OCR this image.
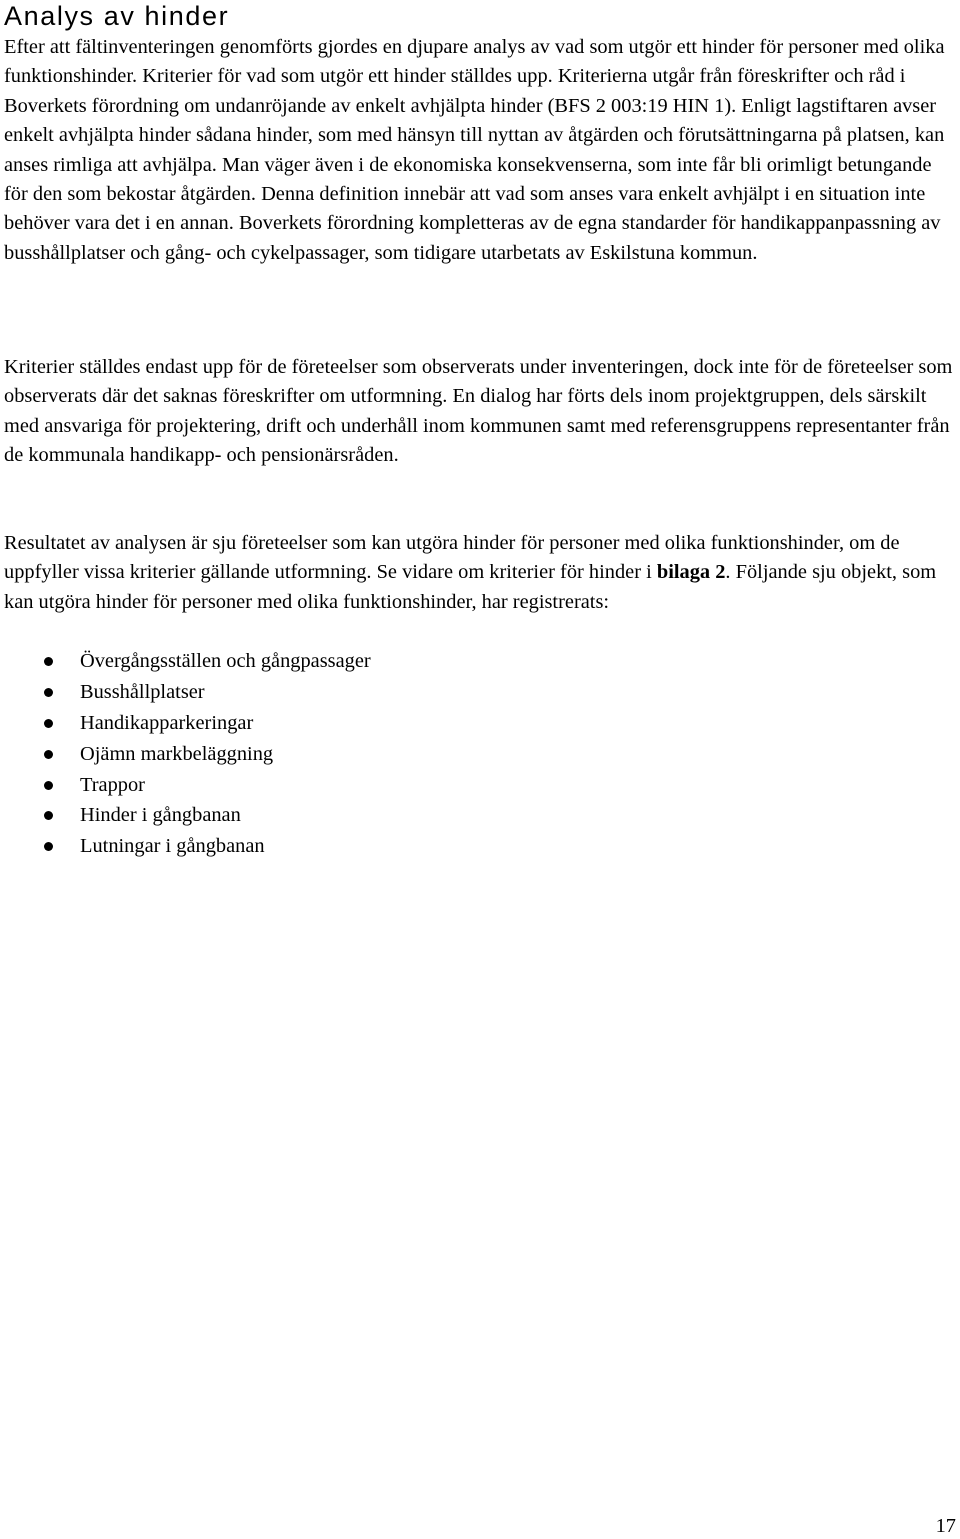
Analys av hinder

Efter att fältinventeringen genomförts gjordes en djupare analys av vad som utgör ett hinder för personer med olika funktionshinder. Kriterier för vad som utgör ett hinder ställdes upp. Kriterierna utgår från föreskrifter och råd i Boverkets förordning om undanröjande av enkelt avhjälpta hinder (BFS 2 003:19 HIN 1). Enligt lagstiftaren avser enkelt avhjälpta hinder sådana hinder, som med hänsyn till nyttan av åtgärden och förutsättningarna på platsen, kan anses rimliga att avhjälpa. Man väger även i de ekonomiska konsekvenserna, som inte får bli orimligt betungande för den som bekostar åtgärden. Denna definition innebär att vad som anses vara enkelt avhjälpt i en situation inte behöver vara det i en annan. Boverkets förordning kompletteras av de egna standarder för handikappanpassning av busshållplatser och gång- och cykelpassager, som tidigare utarbetats av Eskilstuna kommun.

Kriterier ställdes endast upp för de företeelser som observerats under inventeringen, dock inte för de företeelser som observerats där det saknas föreskrifter om utformning. En dialog har förts dels inom projektgruppen, dels särskilt med ansvariga för projektering, drift och underhåll inom kommunen samt med referensgruppens representanter från de kommunala handikapp- och pensionärsråden.

Resultatet av analysen är sju företeelser som kan utgöra hinder för personer med olika funktionshinder, om de uppfyller vissa kriterier gällande utformning. Se vidare om kriterier för hinder i bilaga 2. Följande sju objekt, som kan utgöra hinder för personer med olika funktionshinder, har registrerats:

Övergångsställen och gångpassager
Busshållplatser
Handikapparkeringar
Ojämn markbeläggning
Trappor
Hinder i gångbanan
Lutningar i gångbanan
17
